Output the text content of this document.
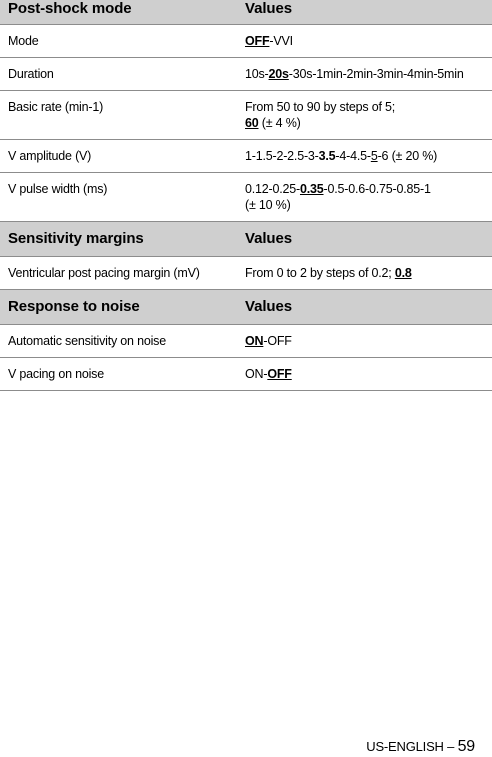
Post-shock mode	Values
Mode	OFF-VVI
Duration	10s-20s-30s-1min-2min-3min-4min-5min
Basic rate (min-1)	From 50 to 90 by steps of 5;
60 (± 4 %)
V amplitude (V)	1-1.5-2-2.5-3-3.5-4-4.5-5-6 (± 20 %)
V pulse width (ms)	0.12-0.25-0.35-0.5-0.6-0.75-0.85-1
(± 10 %)
Sensitivity margins	Values
Ventricular post pacing margin (mV)	From 0 to 2 by steps of 0.2; 0.8
Response to noise	Values
Automatic sensitivity on noise	ON-OFF
V pacing on noise	ON-OFF
US-ENGLISH – 59
